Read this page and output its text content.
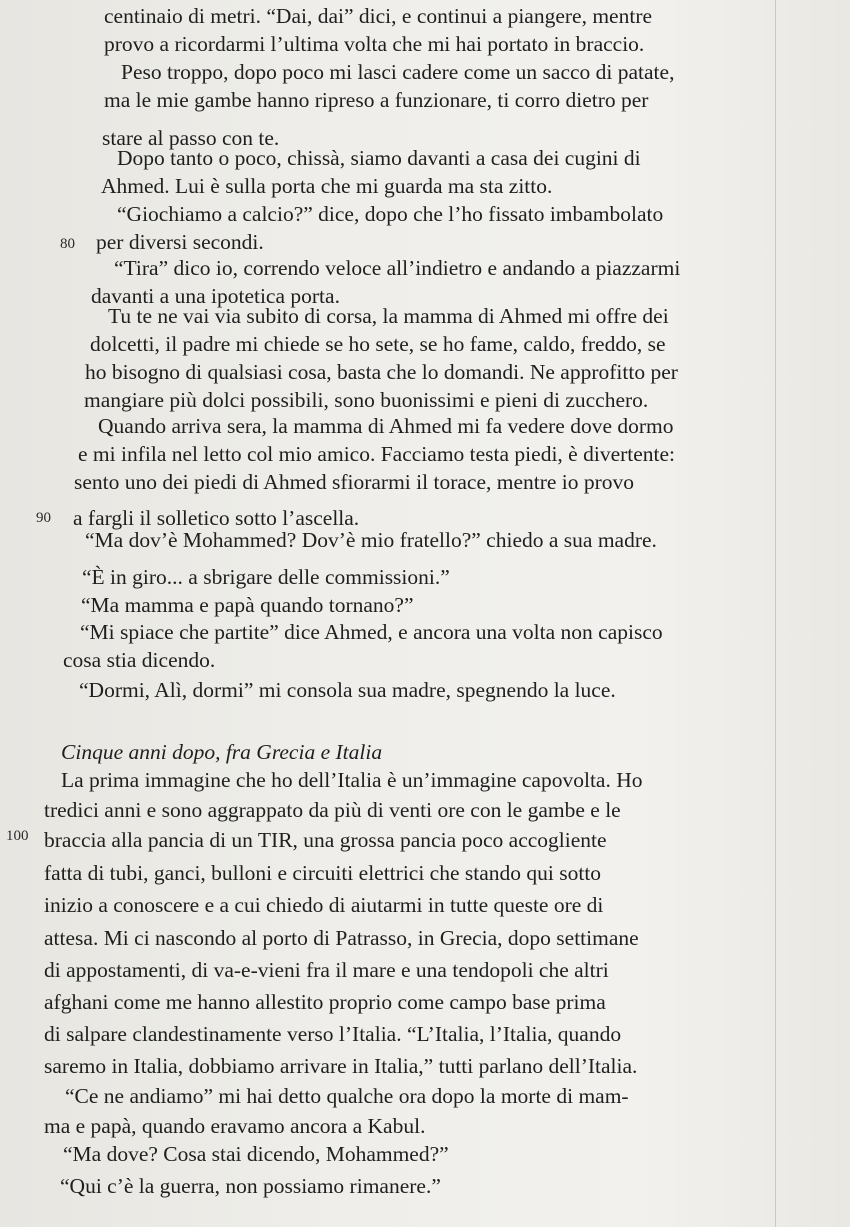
centinaio di metri. “Dai, dai” dici, e continui a piangere, mentre
provo a ricordarmi l’ultima volta che mi hai portato in braccio.
Peso troppo, dopo poco mi lasci cadere come un sacco di patate,
ma le mie gambe hanno ripreso a funzionare, ti corro dietro per
stare al passo con te.
Dopo tanto o poco, chissà, siamo davanti a casa dei cugini di
Ahmed. Lui è sulla porta che mi guarda ma sta zitto.
“Giochiamo a calcio?” dice, dopo che l’ho fissato imbambolato
per diversi secondi.
“Tira” dico io, correndo veloce all’indietro e andando a piazzarmi
davanti a una ipotetica porta.
Tu te ne vai via subito di corsa, la mamma di Ahmed mi offre dei
dolcetti, il padre mi chiede se ho sete, se ho fame, caldo, freddo, se
ho bisogno di qualsiasi cosa, basta che lo domandi. Ne approfitto per
mangiare più dolci possibili, sono buonissimi e pieni di zucchero.
Quando arriva sera, la mamma di Ahmed mi fa vedere dove dormo
e mi infila nel letto col mio amico. Facciamo testa piedi, è divertente:
sento uno dei piedi di Ahmed sfiorarmi il torace, mentre io provo
a fargli il solletico sotto l’ascella.
“Ma dov’è Mohammed? Dov’è mio fratello?” chiedo a sua madre.
“È in giro... a sbrigare delle commissioni.”
“Ma mamma e papà quando tornano?”
“Mi spiace che partite” dice Ahmed, e ancora una volta non capisco
cosa stia dicendo.
“Dormi, Alì, dormi” mi consola sua madre, spegnendo la luce.
Cinque anni dopo, fra Grecia e Italia
La prima immagine che ho dell’Italia è un’immagine capovolta. Ho
tredici anni e sono aggrappato da più di venti ore con le gambe e le
braccia alla pancia di un TIR, una grossa pancia poco accogliente
fatta di tubi, ganci, bulloni e circuiti elettrici che stando qui sotto
inizio a conoscere e a cui chiedo di aiutarmi in tutte queste ore di
attesa. Mi ci nascondo al porto di Patrasso, in Grecia, dopo settimane
di appostamenti, di va-e-vieni fra il mare e una tendopoli che altri
afghani come me hanno allestito proprio come campo base prima
di salpare clandestinamente verso l’Italia. “L’Italia, l’Italia, quando
saremo in Italia, dobbiamo arrivare in Italia,” tutti parlano dell’Italia.
“Ce ne andiamo” mi hai detto qualche ora dopo la morte di mam-
ma e papà, quando eravamo ancora a Kabul.
“Ma dove? Cosa stai dicendo, Mohammed?”
“Qui c’è la guerra, non possiamo rimanere.”
80
90
100
